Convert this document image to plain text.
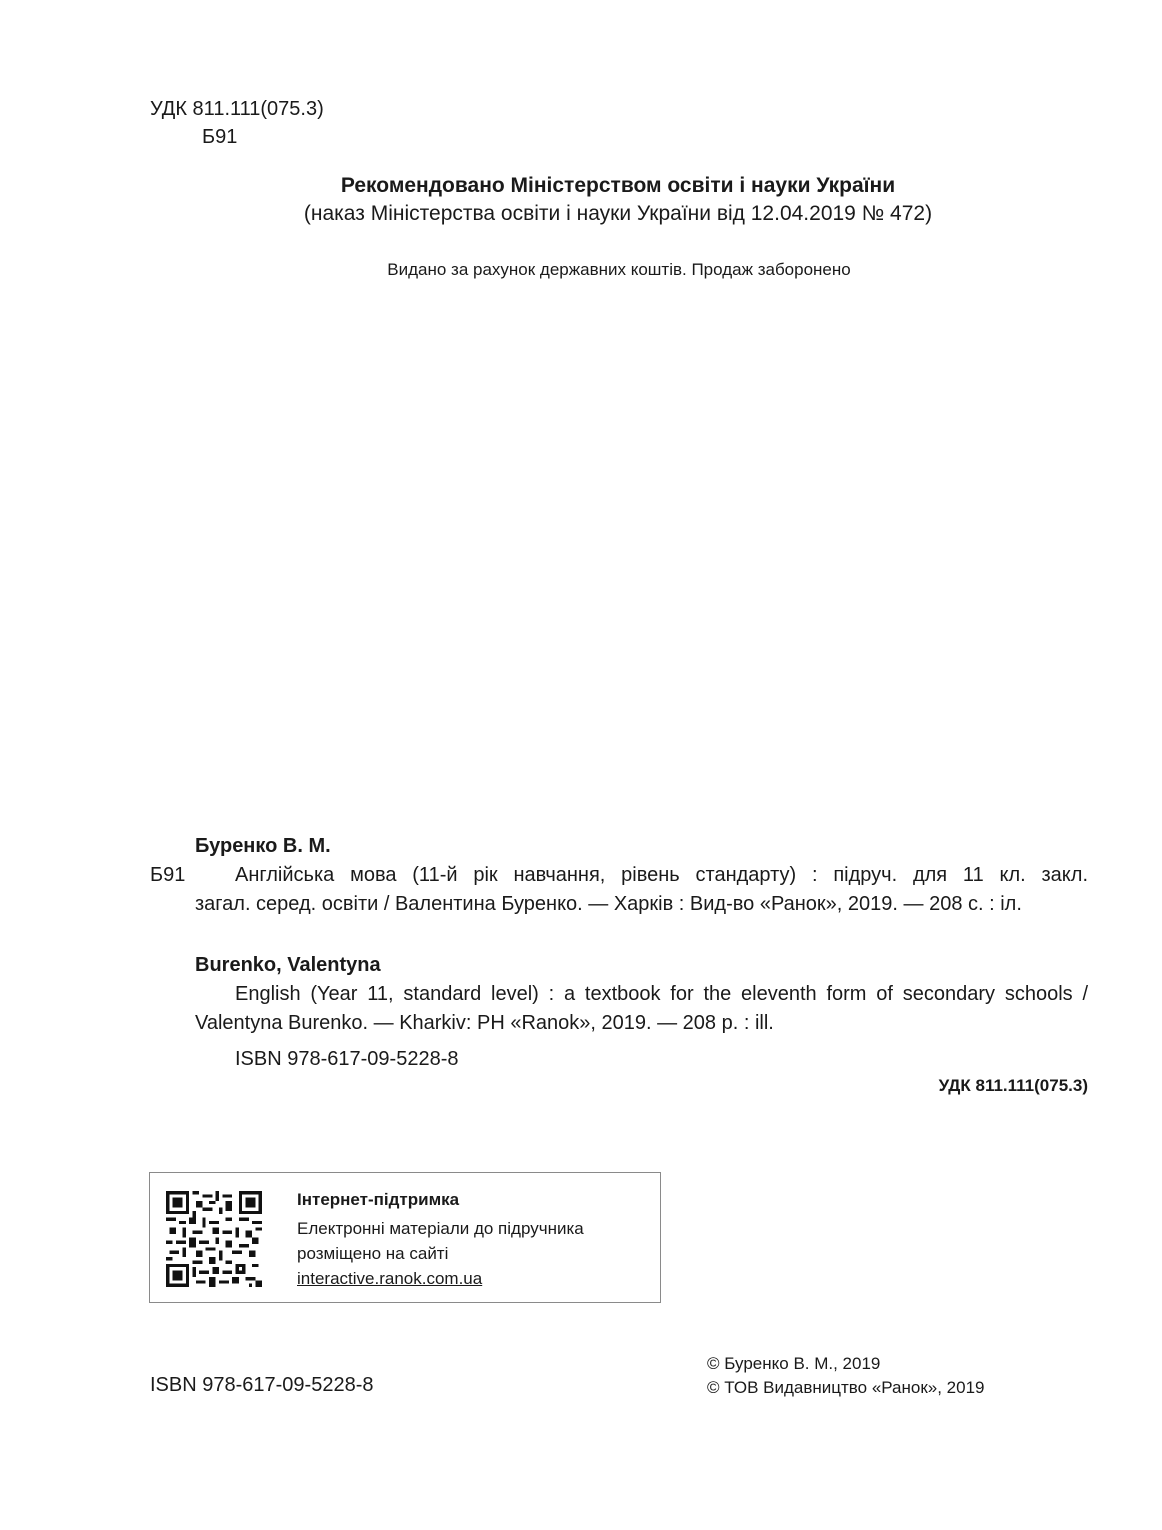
УДК 811.111(075.3)
Б91
Рекомендовано Міністерством освіти і науки України
(наказ Міністерства освіти і науки України від 12.04.2019 № 472)
Видано за рахунок державних коштів. Продаж заборонено
Буренко В. М.
Б91 Англійська мова (11-й рік навчання, рівень стандарту) : підруч. для 11 кл. закл.
загал. серед. освіти / Валентина Буренко. — Харків : Вид-во «Ранок», 2019. — 208 с. : іл.
Burenko, Valentyna
English (Year 11, standard level) : a textbook for the eleventh form of secondary schools /
Valentyna Burenko. — Kharkiv: PH «Ranok», 2019. — 208 p. : ill.
ISBN 978-617-09-5228-8
УДК 811.111(075.3)
Інтернет-підтримка
Електронні матеріали до підручника
розміщено на сайті
interactive.ranok.com.ua
ISBN 978-617-09-5228-8
© Буренко В. М., 2019
© ТОВ Видавництво «Ранок», 2019
